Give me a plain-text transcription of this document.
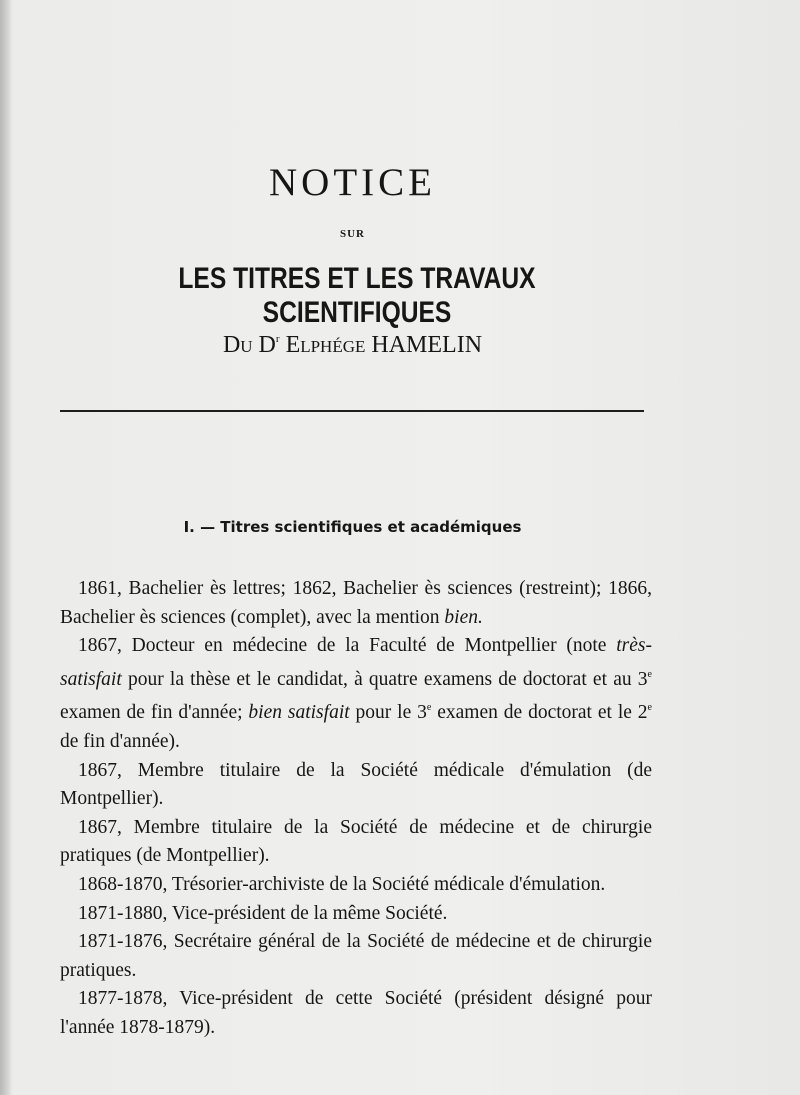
NOTICE
SUR
LES TITRES ET LES TRAVAUX SCIENTIFIQUES
Du $D^r$ Elphége HAMELIN
I. — Titres scientifiques et académiques

1861, Bachelier ès lettres; 1862, Bachelier ès sciences (restreint); 1866, Bachelier ès sciences (complet), avec la mention bien.

1867, Docteur en médecine de la Faculté de Montpellier (note très-satisfait pour la thèse et le candidat, à quatre examens de doctorat et au 3e examen de fin d'année; bien satisfait pour le 3e examen de doctorat et le 2e de fin d'année).

1867, Membre titulaire de la Société médicale d'émulation (de Montpellier).

1867, Membre titulaire de la Société de médecine et de chirurgie pratiques (de Montpellier).

1868-1870, Trésorier-archiviste de la Société médicale d'émulation.

1871-1880, Vice-président de la même Société.

1871-1876, Secrétaire général de la Société de médecine et de chirurgie pratiques.

1877-1878, Vice-président de cette Société (président désigné pour l'année 1878-1879).
